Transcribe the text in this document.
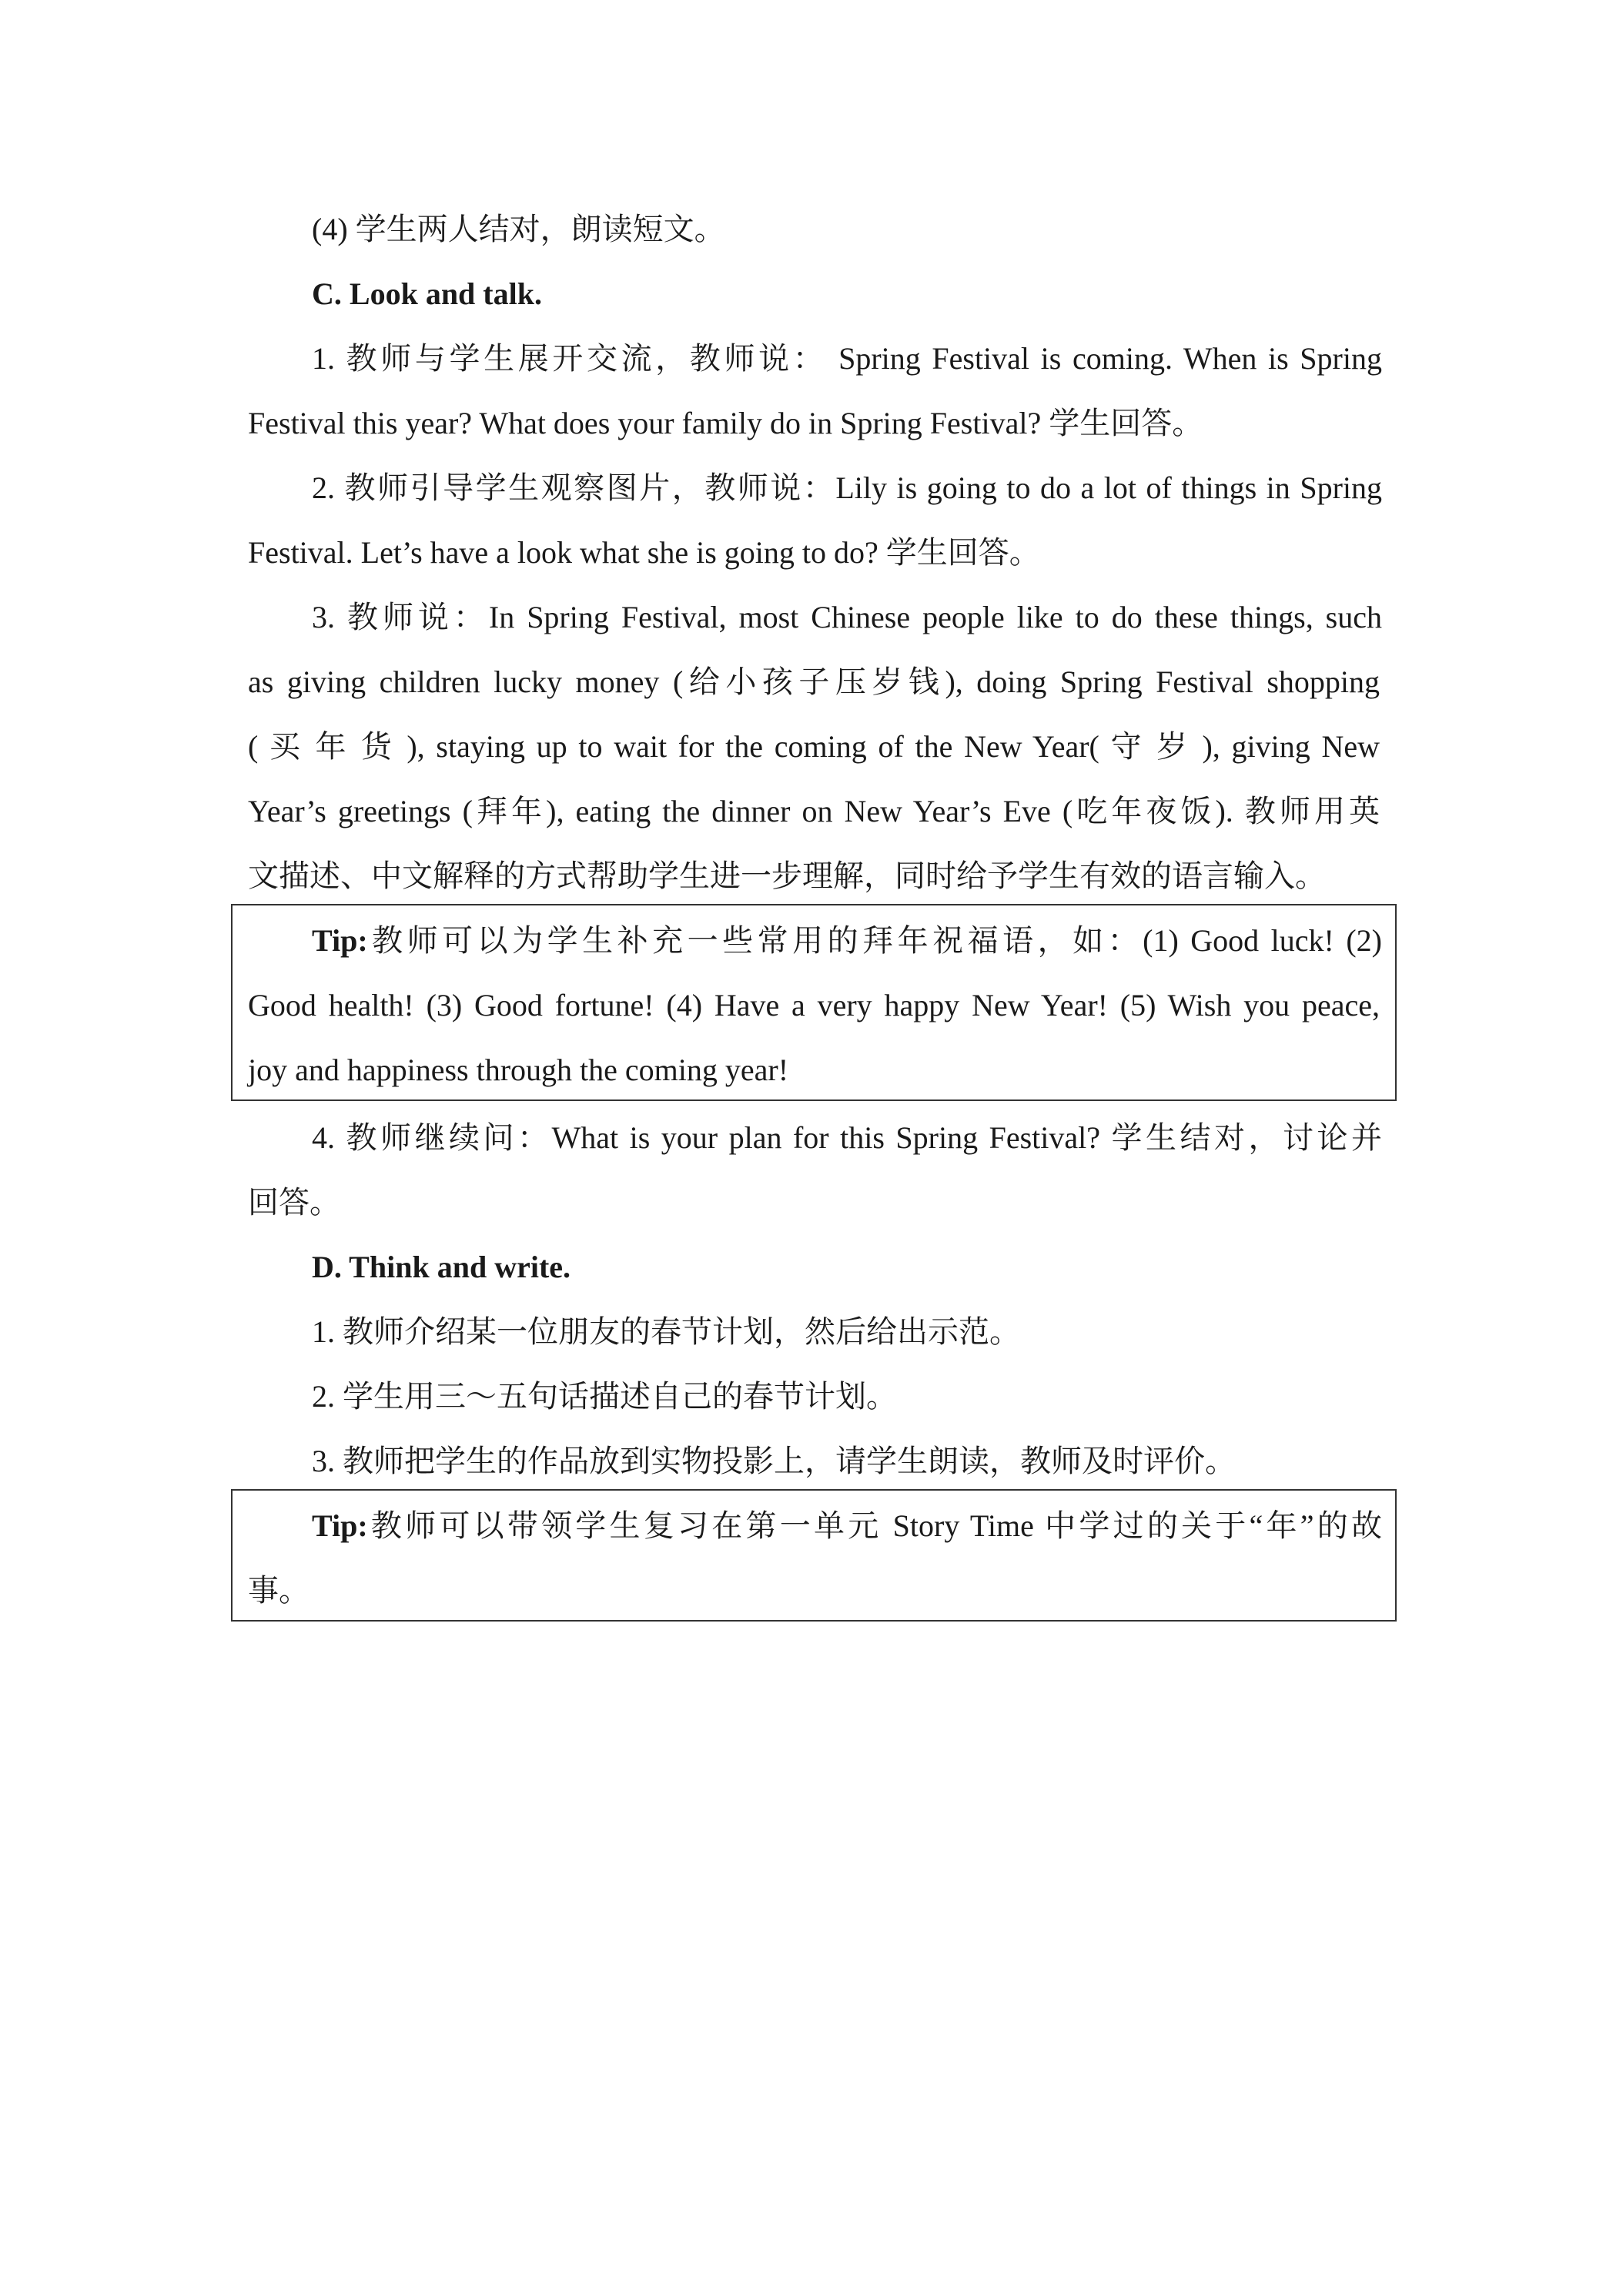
(4) 学生两人结对，朗读短文。
C. Look and talk.
1. 教师与学生展开交流，教师说： Spring Festival is coming. When is Spring
Festival this year? What does your family do in Spring Festival? 学生回答。
2. 教师引导学生观察图片，教师说：Lily is going to do a lot of things in Spring
Festival. Let’s have a look what she is going to do? 学生回答。
3. 教师说：In Spring Festival, most Chinese people like to do these things, such
as giving children lucky money (给小孩子压岁钱), doing Spring Festival shopping
( 买 年 货 ), staying up to wait for the coming of the New Year( 守 岁 ), giving New
Year’s greetings (拜年), eating the dinner on New Year’s Eve (吃年夜饭). 教师用英
文描述、中文解释的方式帮助学生进一步理解，同时给予学生有效的语言输入。
Tip:教师可以为学生补充一些常用的拜年祝福语，如：(1) Good luck! (2)
Good health! (3) Good fortune! (4) Have a very happy New Year! (5) Wish you peace,
joy and happiness through the coming year!
4. 教师继续问：What is your plan for this Spring Festival? 学生结对，讨论并
回答。
D. Think and write.
1. 教师介绍某一位朋友的春节计划，然后给出示范。
2. 学生用三～五句话描述自己的春节计划。
3. 教师把学生的作品放到实物投影上，请学生朗读，教师及时评价。
Tip:教师可以带领学生复习在第一单元 Story Time 中学过的关于“年”的故
事。
